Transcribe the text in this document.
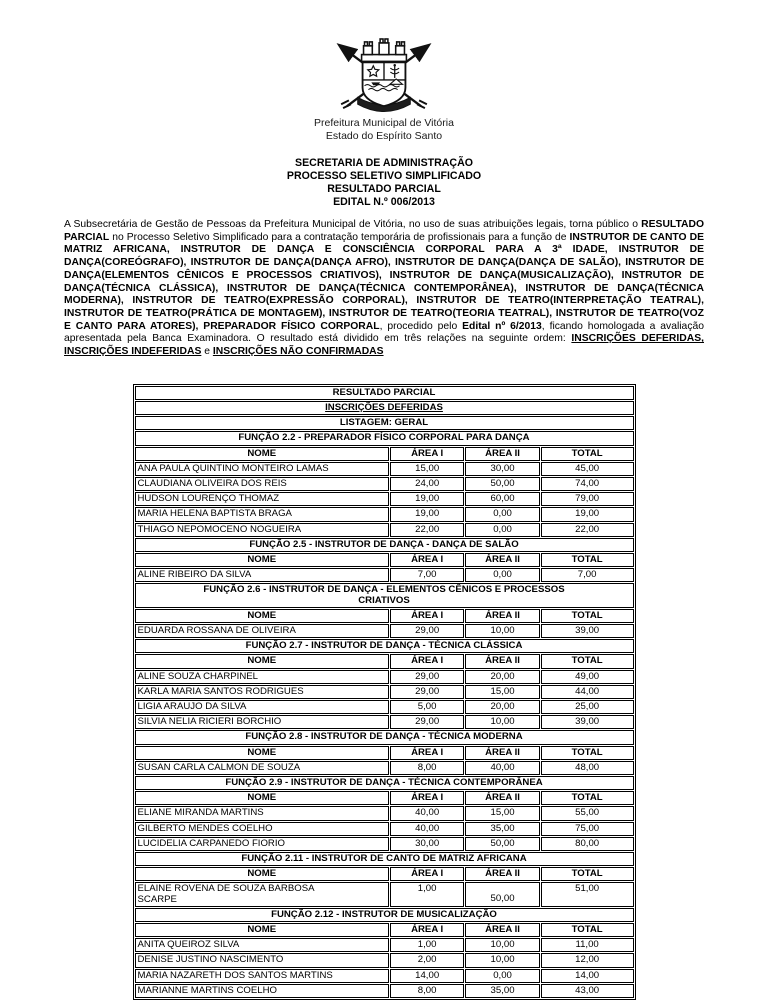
Prefeitura Municipal de Vitória
Estado do Espírito Santo
SECRETARIA DE ADMINISTRAÇÃO
PROCESSO SELETIVO SIMPLIFICADO
RESULTADO PARCIAL
EDITAL N.º 006/2013

A Subsecretária de Gestão de Pessoas da Prefeitura Municipal de Vitória, no uso de suas atribuições legais, torna público o RESULTADO PARCIAL no Processo Seletivo Simplificado para a contratação temporária de profissionais para a função de INSTRUTOR DE CANTO DE MATRIZ AFRICANA, INSTRUTOR DE DANÇA E CONSCIÊNCIA CORPORAL PARA A 3ª IDADE, INSTRUTOR DE DANÇA(COREÓGRAFO), INSTRUTOR DE DANÇA(DANÇA AFRO), INSTRUTOR DE DANÇA(DANÇA DE SALÃO), INSTRUTOR DE DANÇA(ELEMENTOS CÊNICOS E PROCESSOS CRIATIVOS), INSTRUTOR DE DANÇA(MUSICALIZAÇÃO), INSTRUTOR DE DANÇA(TÉCNICA CLÁSSICA), INSTRUTOR DE DANÇA(TÉCNICA CONTEMPORÂNEA), INSTRUTOR DE DANÇA(TÉCNICA MODERNA), INSTRUTOR DE TEATRO(EXPRESSÃO CORPORAL), INSTRUTOR DE TEATRO(INTERPRETAÇÃO TEATRAL), INSTRUTOR DE TEATRO(PRÁTICA DE MONTAGEM), INSTRUTOR DE TEATRO(TEORIA TEATRAL), INSTRUTOR DE TEATRO(VOZ E CANTO PARA ATORES), PREPARADOR FÍSICO CORPORAL, procedido pelo Edital nº 6/2013, ficando homologada a avaliação apresentada pela Banca Examinadora. O resultado está dividido em três relações na seguinte ordem: INSCRIÇÕES DEFERIDAS, INSCRIÇÕES INDEFERIDAS e INSCRIÇÕES NÃO CONFIRMADAS

RESULTADO PARCIAL			
INSCRIÇÕES DEFERIDAS			
LISTAGEM: GERAL			
FUNÇÃO 2.2 - PREPARADOR FÍSICO CORPORAL PARA DANÇA			
NOME	ÁREA I	ÁREA II	TOTAL
ANA PAULA QUINTINO MONTEIRO LAMAS	15,00	30,00	45,00
CLAUDIANA OLIVEIRA DOS REIS	24,00	50,00	74,00
HUDSON LOURENÇO THOMAZ	19,00	60,00	79,00
MARIA HELENA BAPTISTA BRAGA	19,00	0,00	19,00
THIAGO NEPOMOCENO NOGUEIRA	22,00	0,00	22,00
FUNÇÃO 2.5 - INSTRUTOR DE DANÇA - DANÇA DE SALÃO			
NOME	ÁREA I	ÁREA II	TOTAL
ALINE RIBEIRO DA SILVA	7,00	0,00	7,00
FUNÇÃO 2.6 - INSTRUTOR DE DANÇA - ELEMENTOS CÊNICOS E PROCESSOS CRIATIVOS			
NOME	ÁREA I	ÁREA II	TOTAL
EDUARDA ROSSANA DE OLIVEIRA	29,00	10,00	39,00
FUNÇÃO 2.7 - INSTRUTOR DE DANÇA - TÉCNICA CLÁSSICA			
NOME	ÁREA I	ÁREA II	TOTAL
ALINE SOUZA CHARPINEL	29,00	20,00	49,00
KARLA MARIA SANTOS RODRIGUES	29,00	15,00	44,00
LIGIA ARAUJO DA SILVA	5,00	20,00	25,00
SILVIA NELIA RICIERI BORCHIO	29,00	10,00	39,00
FUNÇÃO 2.8 - INSTRUTOR DE DANÇA - TÉCNICA MODERNA			
NOME	ÁREA I	ÁREA II	TOTAL
SUSAN CARLA CALMON DE SOUZA	8,00	40,00	48,00
FUNÇÃO 2.9 - INSTRUTOR DE DANÇA - TÉCNICA CONTEMPORÂNEA			
NOME	ÁREA I	ÁREA II	TOTAL
ELIANE MIRANDA MARTINS	40,00	15,00	55,00
GILBERTO MENDES COELHO	40,00	35,00	75,00
LUCIDELIA CARPANEDO FIORIO	30,00	50,00	80,00
FUNÇÃO 2.11 - INSTRUTOR DE CANTO DE MATRIZ AFRICANA			
NOME	ÁREA I	ÁREA II	TOTAL
ELAINE ROVENA DE SOUZA BARBOSA SCARPE	1,00	50,00	51,00
FUNÇÃO 2.12 - INSTRUTOR DE MUSICALIZAÇÃO			
NOME	ÁREA I	ÁREA II	TOTAL
ANITA QUEIROZ SILVA	1,00	10,00	11,00
DENISE JUSTINO NASCIMENTO	2,00	10,00	12,00
MARIA NAZARETH DOS SANTOS MARTINS	14,00	0,00	14,00
MARIANNE MARTINS COELHO	8,00	35,00	43,00
